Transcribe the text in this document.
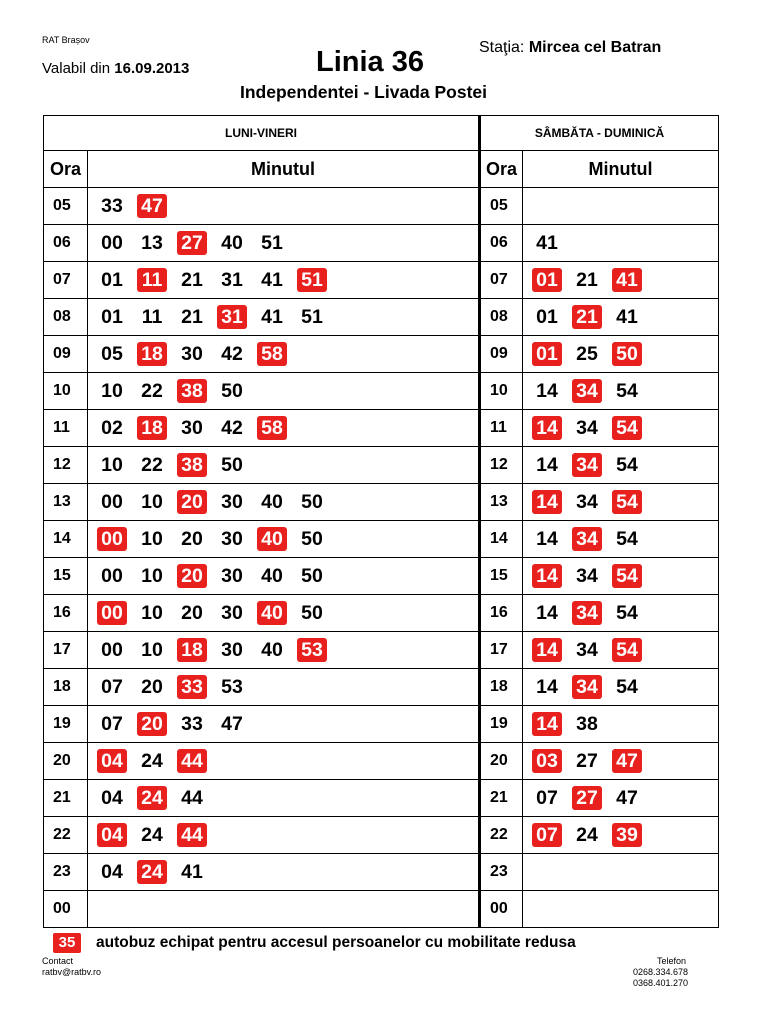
RAT Brașov
Valabil din 16.09.2013	Linia 36	Staţia: Mircea cel Batran
Independentei - Livada Postei
LUNI-VINERI		SÂMBĂTA - DUMINICĂ	
Ora	Minutul	Ora	Minutul
05	33 47	05	
06	00 13 27 40 51	06	41
07	01 11 21 31 41 51	07	01 21 41
08	01 11 21 31 41 51	08	01 21 41
09	05 18 30 42 58	09	01 25 50
10	10 22 38 50	10	14 34 54
11	02 18 30 42 58	11	14 34 54
12	10 22 38 50	12	14 34 54
13	00 10 20 30 40 50	13	14 34 54
14	00 10 20 30 40 50	14	14 34 54
15	00 10 20 30 40 50	15	14 34 54
16	00 10 20 30 40 50	16	14 34 54
17	00 10 18 30 40 53	17	14 34 54
18	07 20 33 53	18	14 34 54
19	07 20 33 47	19	14 38
20	04 24 44	20	03 27 47
21	04 24 44	21	07 27 47
22	04 24 44	22	07 24 39
23	04 24 41	23	
00		00	
35	autobuz echipat pentru accesul persoanelor cu mobilitate redusa
Contact
ratbv@ratbv.ro
Telefon
0268.334.678
0368.401.270
